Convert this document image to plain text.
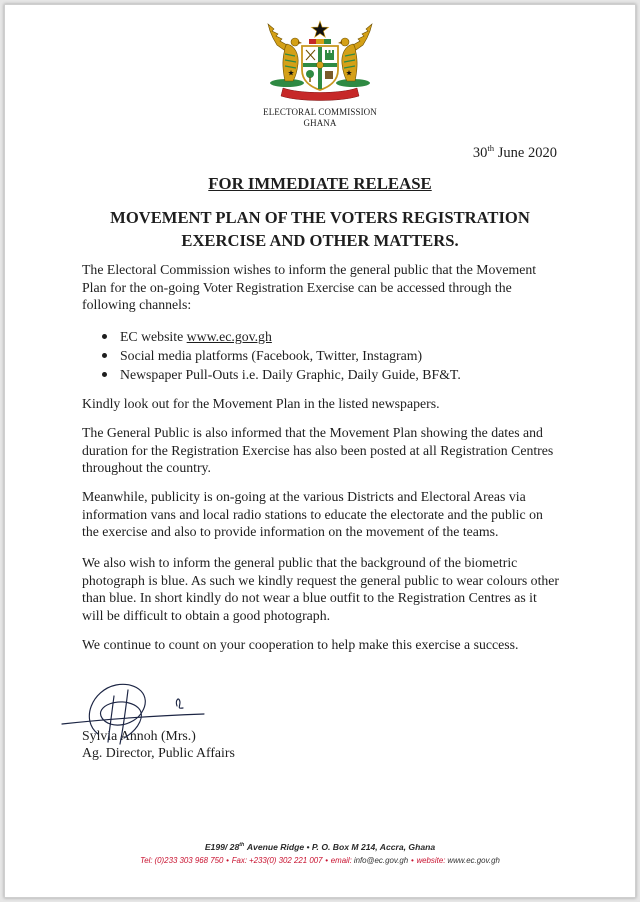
ELECTORAL COMMISSION
GHANA
30th June 2020
FOR IMMEDIATE RELEASE
MOVEMENT PLAN OF THE VOTERS REGISTRATION
EXERCISE AND OTHER MATTERS.
The Electoral Commission wishes to inform the general public that the Movement
Plan for the on-going Voter Registration Exercise can be accessed through the
following channels:
EC website www.ec.gov.gh
Social media platforms (Facebook, Twitter, Instagram)
Newspaper Pull-Outs i.e. Daily Graphic, Daily Guide, BF&T.
Kindly look out for the Movement Plan in the listed newspapers.
The General Public is also informed that the Movement Plan showing the dates and
duration for the Registration Exercise has also been posted at all Registration Centres
throughout the country.
Meanwhile, publicity is on-going at the various Districts and Electoral Areas via
information vans and local radio stations to educate the electorate and the public on
the exercise and also to provide information on the movement of the teams.
We also wish to inform the general public that the background of the biometric
photograph is blue. As such we kindly request the general public to wear colours other
than blue. In short kindly do not wear a blue outfit to the Registration Centres as it
will be difficult to obtain a good photograph.
We continue to count on your cooperation to help make this exercise a success.
Sylvia Annoh (Mrs.)
Ag. Director, Public Affairs
E199/ 28th Avenue Ridge • P. O. Box M 214, Accra, Ghana
Tel: (0)233 303 968 750 • Fax: +233(0) 302 221 007 • email: info@ec.gov.gh • website: www.ec.gov.gh
